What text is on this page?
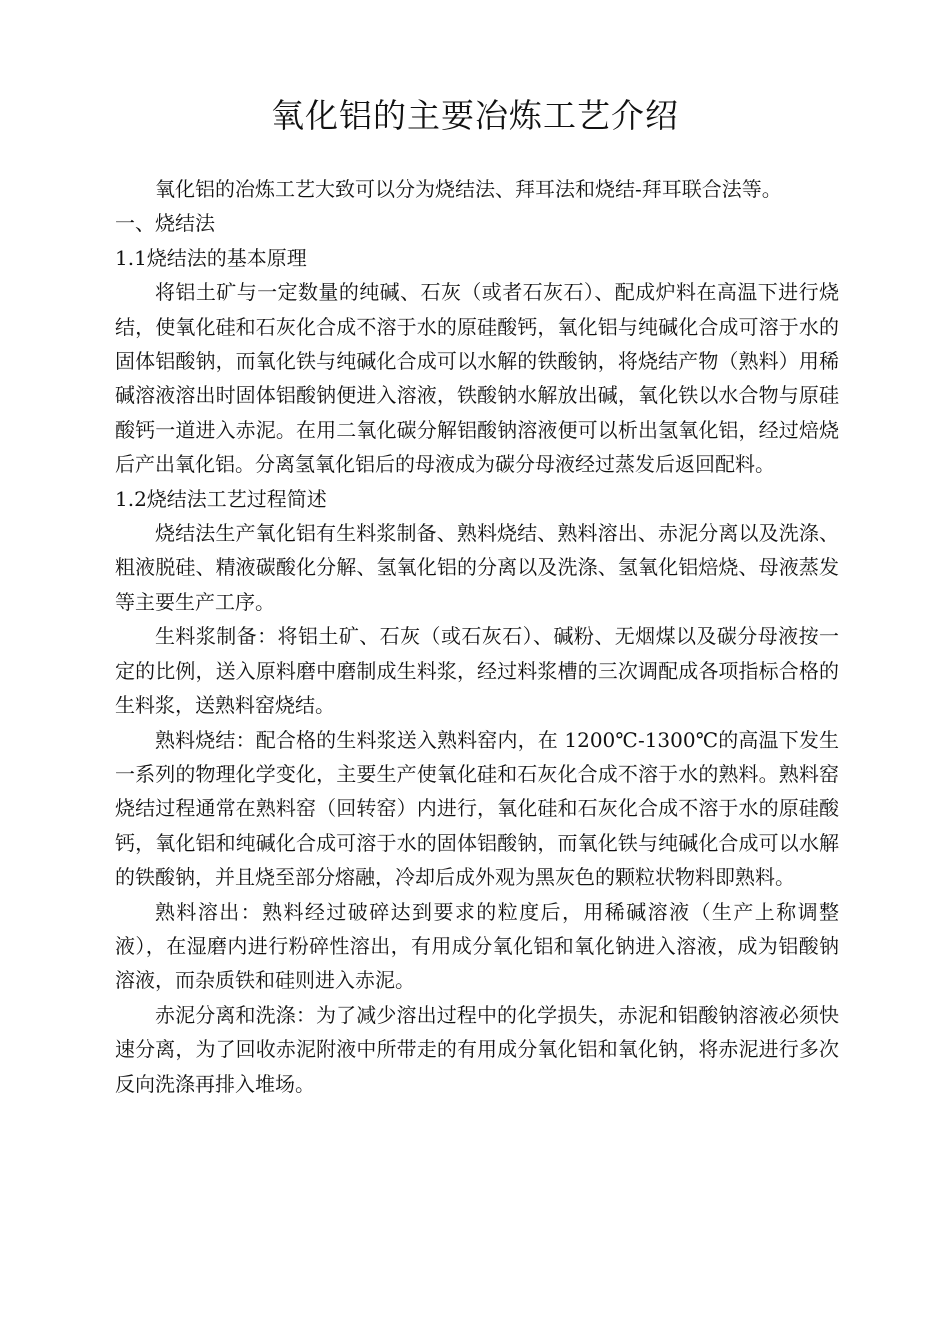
氧化铝的主要冶炼工艺介绍

氧化铝的冶炼工艺大致可以分为烧结法、拜耳法和烧结-拜耳联合法等。

一、烧结法

1.1烧结法的基本原理

将铝土矿与一定数量的纯碱、石灰（或者石灰石）、配成炉料在高温下进行烧结，使氧化硅和石灰化合成不溶于水的原硅酸钙，氧化铝与纯碱化合成可溶于水的固体铝酸钠，而氧化铁与纯碱化合成可以水解的铁酸钠，将烧结产物（熟料）用稀碱溶液溶出时固体铝酸钠便进入溶液，铁酸钠水解放出碱，氧化铁以水合物与原硅酸钙一道进入赤泥。在用二氧化碳分解铝酸钠溶液便可以析出氢氧化铝，经过焙烧后产出氧化铝。分离氢氧化铝后的母液成为碳分母液经过蒸发后返回配料。

1.2烧结法工艺过程简述

烧结法生产氧化铝有生料浆制备、熟料烧结、熟料溶出、赤泥分离以及洗涤、粗液脱硅、精液碳酸化分解、氢氧化铝的分离以及洗涤、氢氧化铝焙烧、母液蒸发等主要生产工序。

生料浆制备：将铝土矿、石灰（或石灰石）、碱粉、无烟煤以及碳分母液按一定的比例，送入原料磨中磨制成生料浆，经过料浆槽的三次调配成各项指标合格的生料浆，送熟料窑烧结。

熟料烧结：配合格的生料浆送入熟料窑内，在 1200℃-1300℃的高温下发生一系列的物理化学变化，主要生产使氧化硅和石灰化合成不溶于水的熟料。熟料窑烧结过程通常在熟料窑（回转窑）内进行，氧化硅和石灰化合成不溶于水的原硅酸钙，氧化铝和纯碱化合成可溶于水的固体铝酸钠，而氧化铁与纯碱化合成可以水解的铁酸钠，并且烧至部分熔融，冷却后成外观为黑灰色的颗粒状物料即熟料。

熟料溶出：熟料经过破碎达到要求的粒度后，用稀碱溶液（生产上称调整液），在湿磨内进行粉碎性溶出，有用成分氧化铝和氧化钠进入溶液，成为铝酸钠溶液，而杂质铁和硅则进入赤泥。

赤泥分离和洗涤：为了减少溶出过程中的化学损失，赤泥和铝酸钠溶液必须快速分离，为了回收赤泥附液中所带走的有用成分氧化铝和氧化钠，将赤泥进行多次反向洗涤再排入堆场。
